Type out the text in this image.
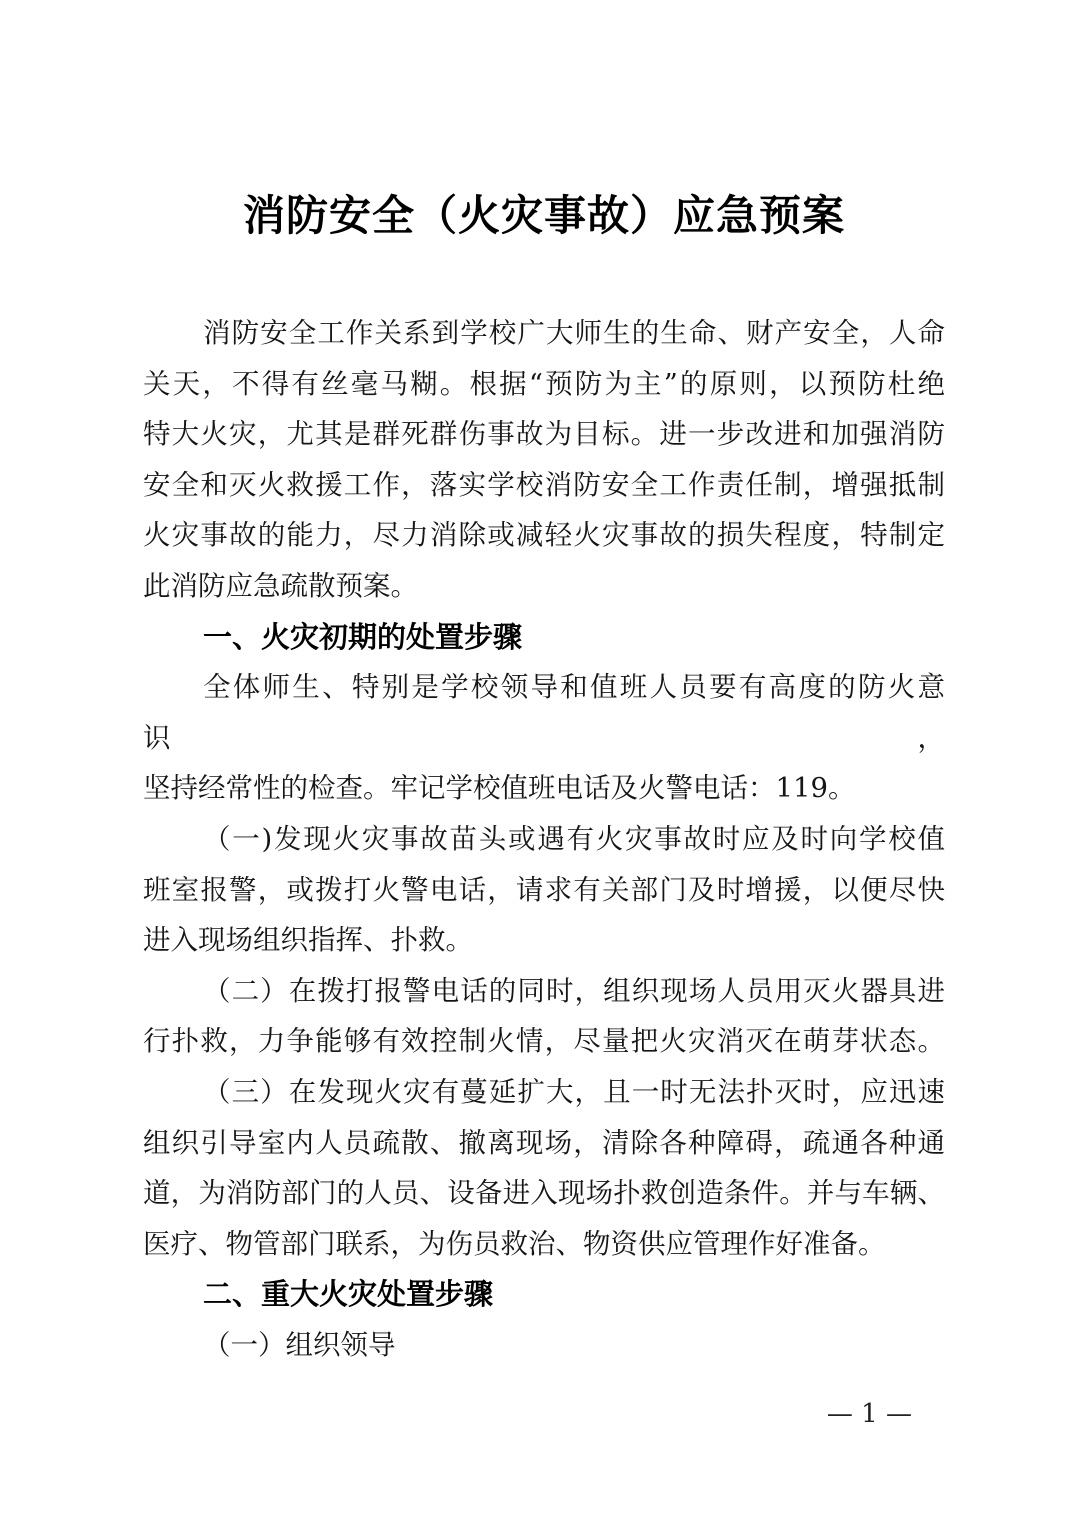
消防安全（火灾事故）应急预案
消防安全工作关系到学校广大师生的生命、财产安全，人命
关天，不得有丝毫马糊。根据“预防为主”的原则，以预防杜绝
特大火灾，尤其是群死群伤事故为目标。进一步改进和加强消防
安全和灭火救援工作，落实学校消防安全工作责任制，增强抵制
火灾事故的能力，尽力消除或减轻火灾事故的损失程度，特制定
此消防应急疏散预案。
一、火灾初期的处置步骤
全体师生、特别是学校领导和值班人员要有高度的防火意识，
坚持经常性的检查。牢记学校值班电话及火警电话：119。
（一)发现火灾事故苗头或遇有火灾事故时应及时向学校值
班室报警，或拨打火警电话，请求有关部门及时增援，以便尽快
进入现场组织指挥、扑救。
（二）在拨打报警电话的同时，组织现场人员用灭火器具进
行扑救，力争能够有效控制火情，尽量把火灾消灭在萌芽状态。
（三）在发现火灾有蔓延扩大，且一时无法扑灭时，应迅速
组织引导室内人员疏散、撤离现场，清除各种障碍，疏通各种通
道，为消防部门的人员、设备进入现场扑救创造条件。并与车辆、
医疗、物管部门联系，为伤员救治、物资供应管理作好准备。
二、重大火灾处置步骤
（一）组织领导
— 1 —
